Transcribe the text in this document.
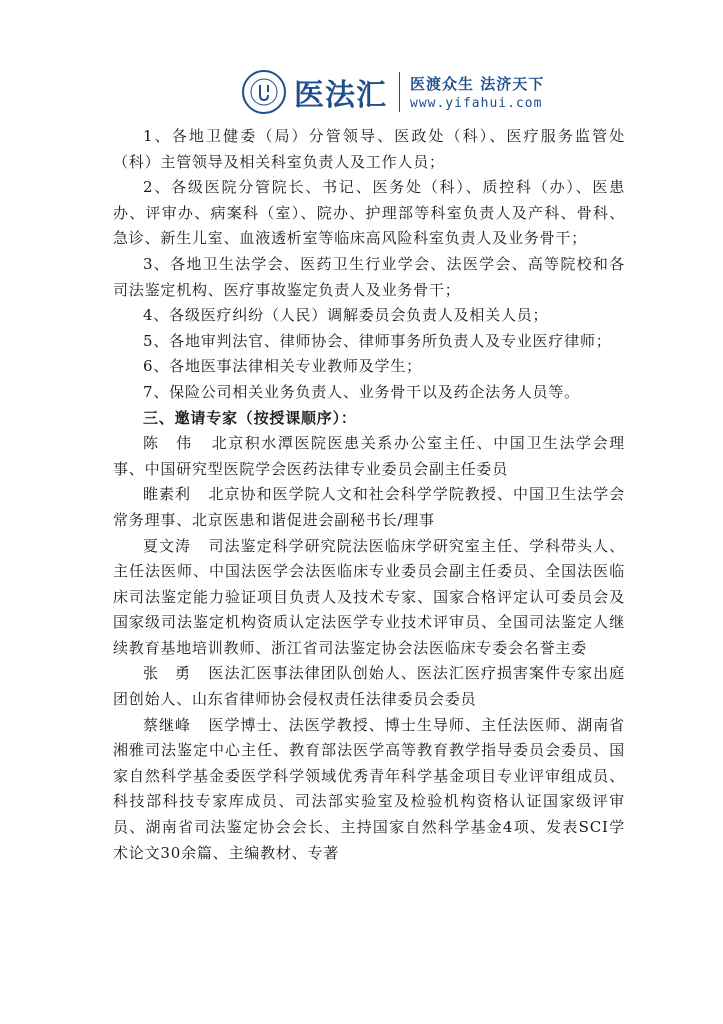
医法汇 医渡众生 法济天下
www.yifahui.com

1、各地卫健委（局）分管领导、医政处（科）、医疗服务监管处（科）主管领导及相关科室负责人及工作人员；

2、各级医院分管院长、书记、医务处（科）、质控科（办）、医患办、评审办、病案科（室）、院办、护理部等科室负责人及产科、骨科、急诊、新生儿室、血液透析室等临床高风险科室负责人及业务骨干；

3、各地卫生法学会、医药卫生行业学会、法医学会、高等院校和各司法鉴定机构、医疗事故鉴定负责人及业务骨干；

4、各级医疗纠纷（人民）调解委员会负责人及相关人员；

5、各地审判法官、律师协会、律师事务所负责人及专业医疗律师；

6、各地医事法律相关专业教师及学生；

7、保险公司相关业务负责人、业务骨干以及药企法务人员等。

三、邀请专家（按授课顺序）：

陈　伟 北京积水潭医院医患关系办公室主任、中国卫生法学会理事、中国研究型医院学会医药法律专业委员会副主任委员

睢素利 北京协和医学院人文和社会科学学院教授、中国卫生法学会常务理事、北京医患和谐促进会副秘书长/理事

夏文涛 司法鉴定科学研究院法医临床学研究室主任、学科带头人、主任法医师、中国法医学会法医临床专业委员会副主任委员、全国法医临床司法鉴定能力验证项目负责人及技术专家、国家合格评定认可委员会及国家级司法鉴定机构资质认定法医学专业技术评审员、全国司法鉴定人继续教育基地培训教师、浙江省司法鉴定协会法医临床专委会名誉主委

张　勇 医法汇医事法律团队创始人、医法汇医疗损害案件专家出庭团创始人、山东省律师协会侵权责任法律委员会委员

蔡继峰 医学博士、法医学教授、博士生导师、主任法医师、湖南省湘雅司法鉴定中心主任、教育部法医学高等教育教学指导委员会委员、国家自然科学基金委医学科学领域优秀青年科学基金项目专业评审组成员、科技部科技专家库成员、司法部实验室及检验机构资格认证国家级评审员、湖南省司法鉴定协会会长、主持国家自然科学基金4项、发表SCI学术论文30余篇、主编教材、专著
